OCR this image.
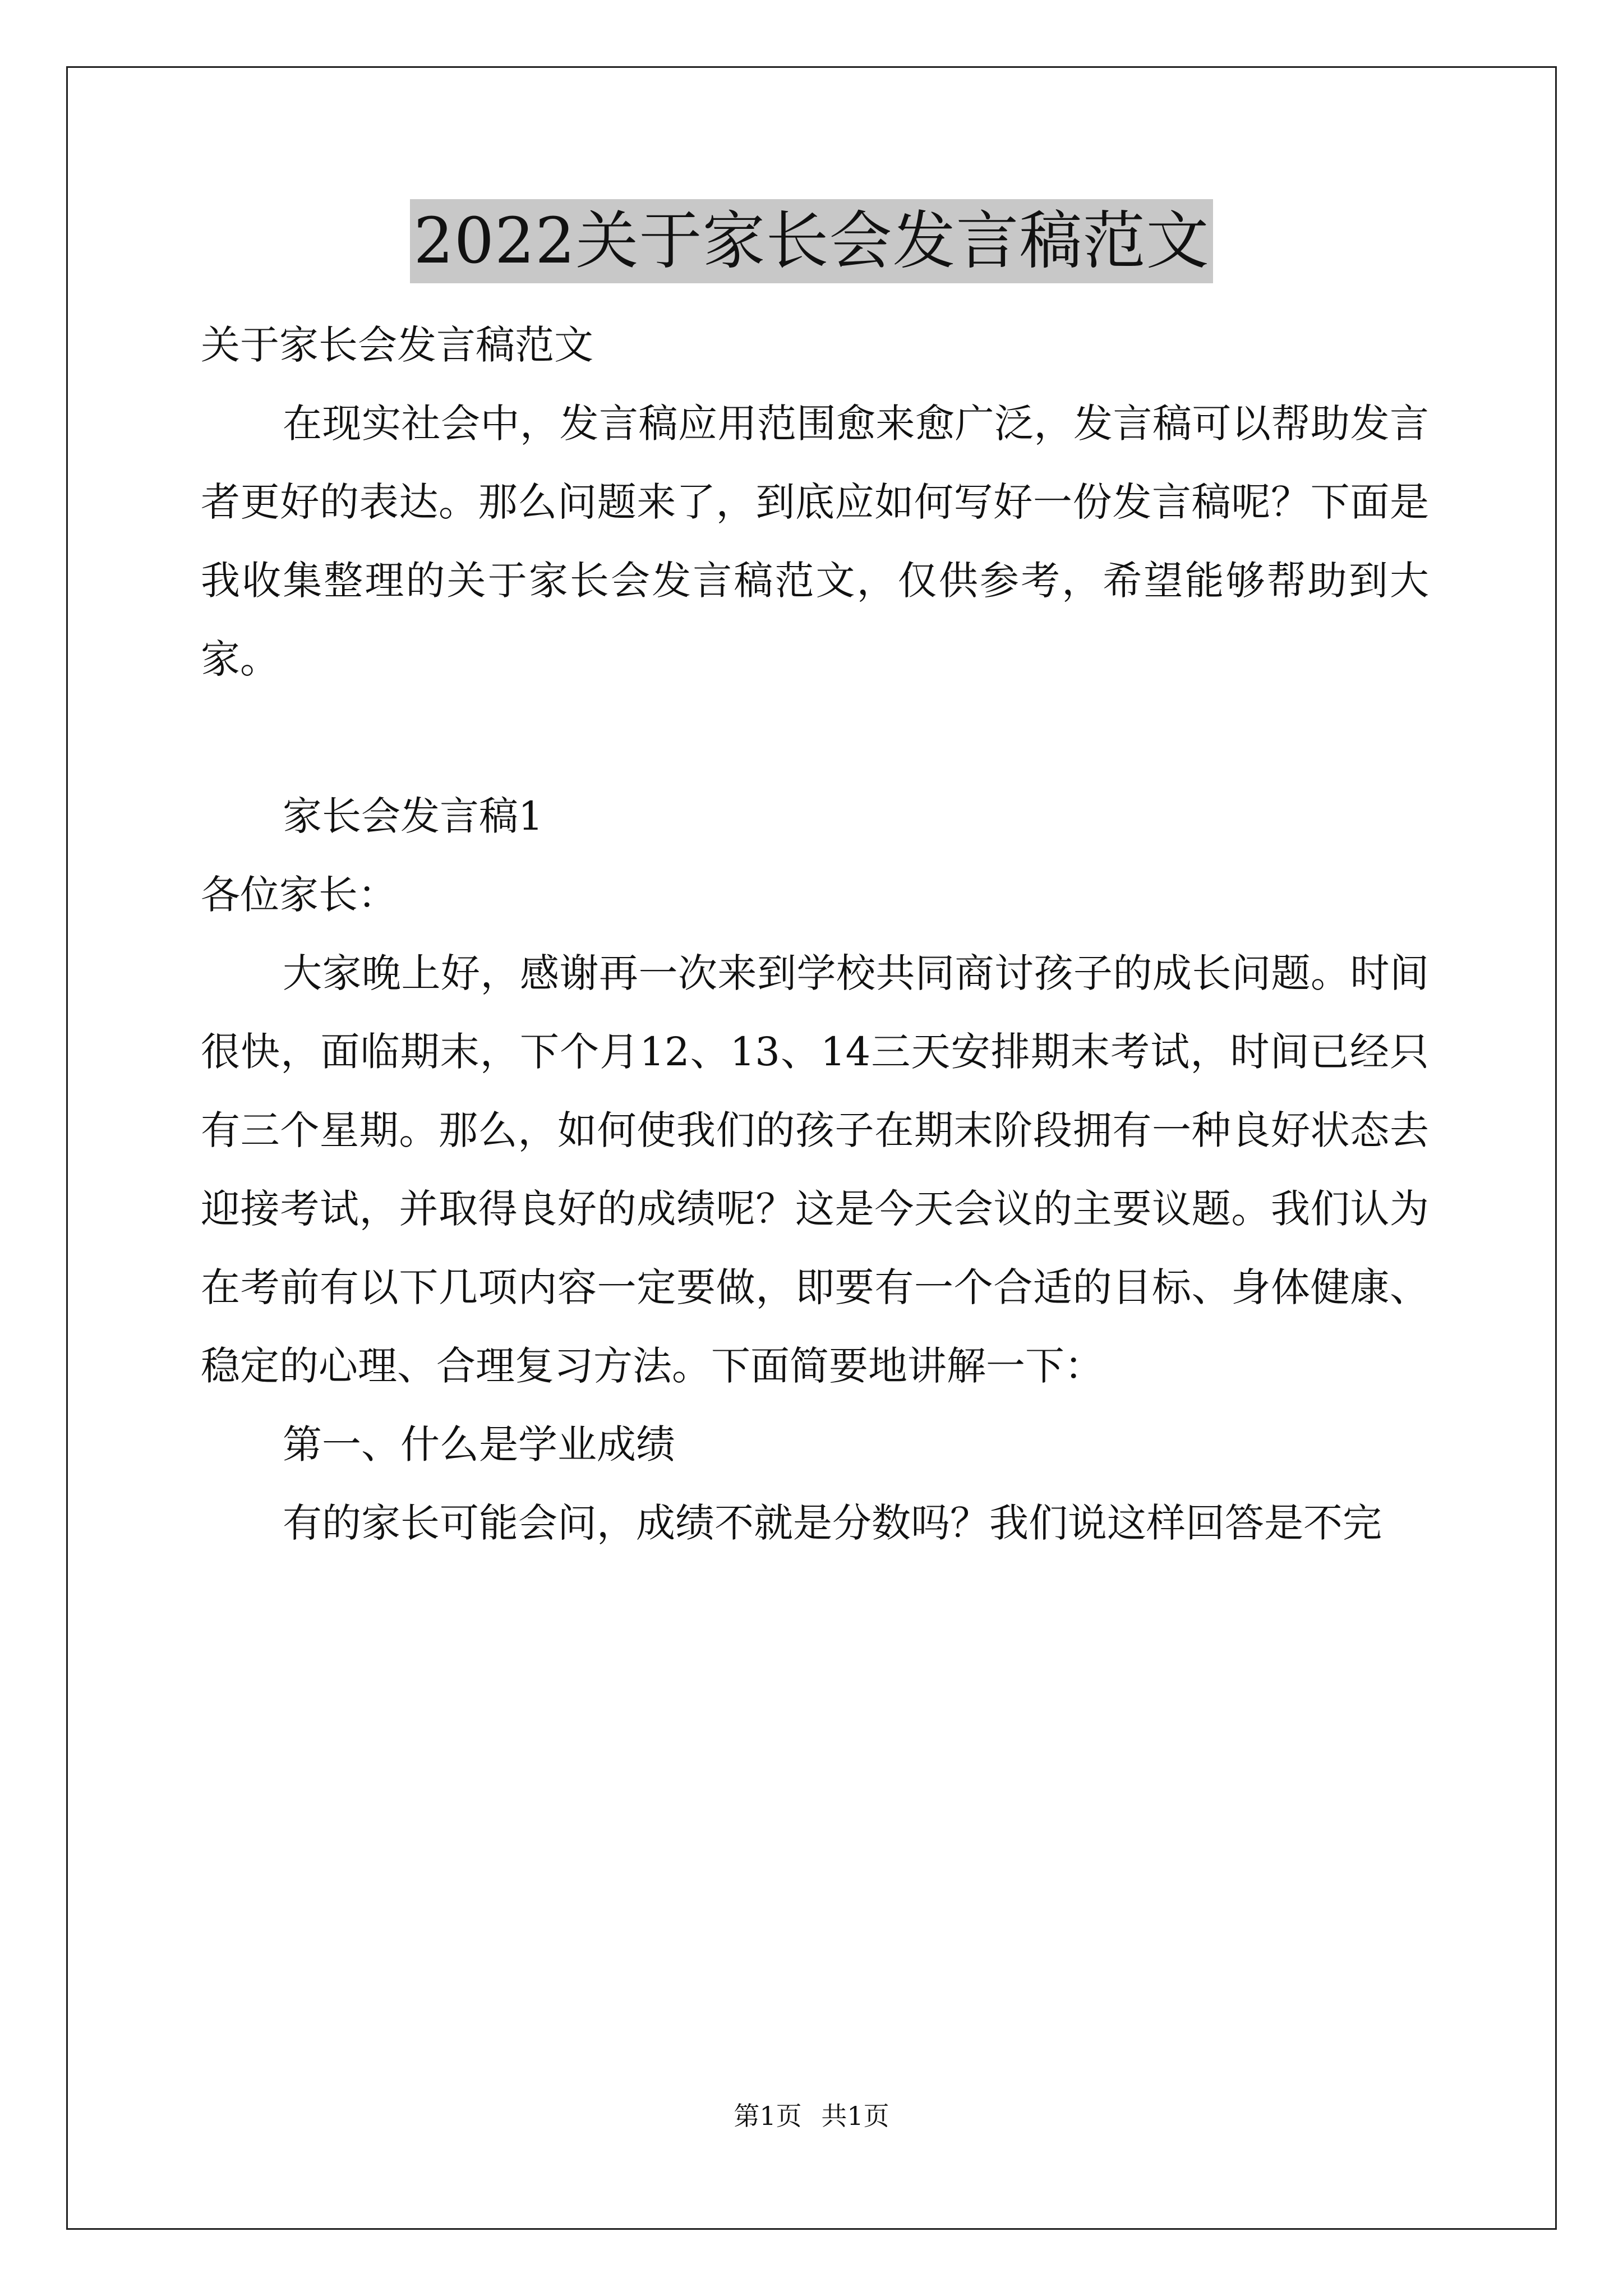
2022关于家长会发言稿范文

关于家长会发言稿范文

在现实社会中，发言稿应用范围愈来愈广泛，发言稿可以帮助发言者更好的表达。那么问题来了，到底应如何写好一份发言稿呢？下面是我收集整理的关于家长会发言稿范文，仅供参考，希望能够帮助到大家。

家长会发言稿1

各位家长：

大家晚上好，感谢再一次来到学校共同商讨孩子的成长问题。时间很快，面临期末，下个月12、13、14三天安排期末考试，时间已经只有三个星期。那么，如何使我们的孩子在期末阶段拥有一种良好状态去迎接考试，并取得良好的成绩呢？这是今天会议的主要议题。我们认为在考前有以下几项内容一定要做，即要有一个合适的目标、身体健康、稳定的心理、合理复习方法。下面简要地讲解一下：

第一、什么是学业成绩

有的家长可能会问，成绩不就是分数吗？我们说这样回答是不完

第1页 共1页
